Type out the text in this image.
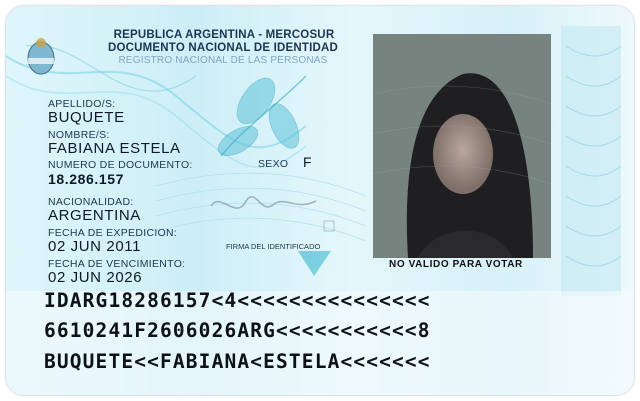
REPUBLICA ARGENTINA - MERCOSUR
DOCUMENTO NACIONAL DE IDENTIDAD
REGISTRO NACIONAL DE LAS PERSONAS
APELLIDO/S:
BUQUETE
NOMBRE/S:
FABIANA ESTELA
NUMERO DE DOCUMENTO:
18.286.157
SEXO F
NACIONALIDAD:
ARGENTINA
FECHA DE EXPEDICION:
02 JUN 2011
FECHA DE VENCIMIENTO:
02 JUN 2026
FIRMA DEL IDENTIFICADO
NO VALIDO PARA VOTAR
IDARG18286157<4<<<<<<<<<<<<<<<
6610241F2606026ARG<<<<<<<<<<<8
BUQUETE<<FABIANA<ESTELA<<<<<<<
